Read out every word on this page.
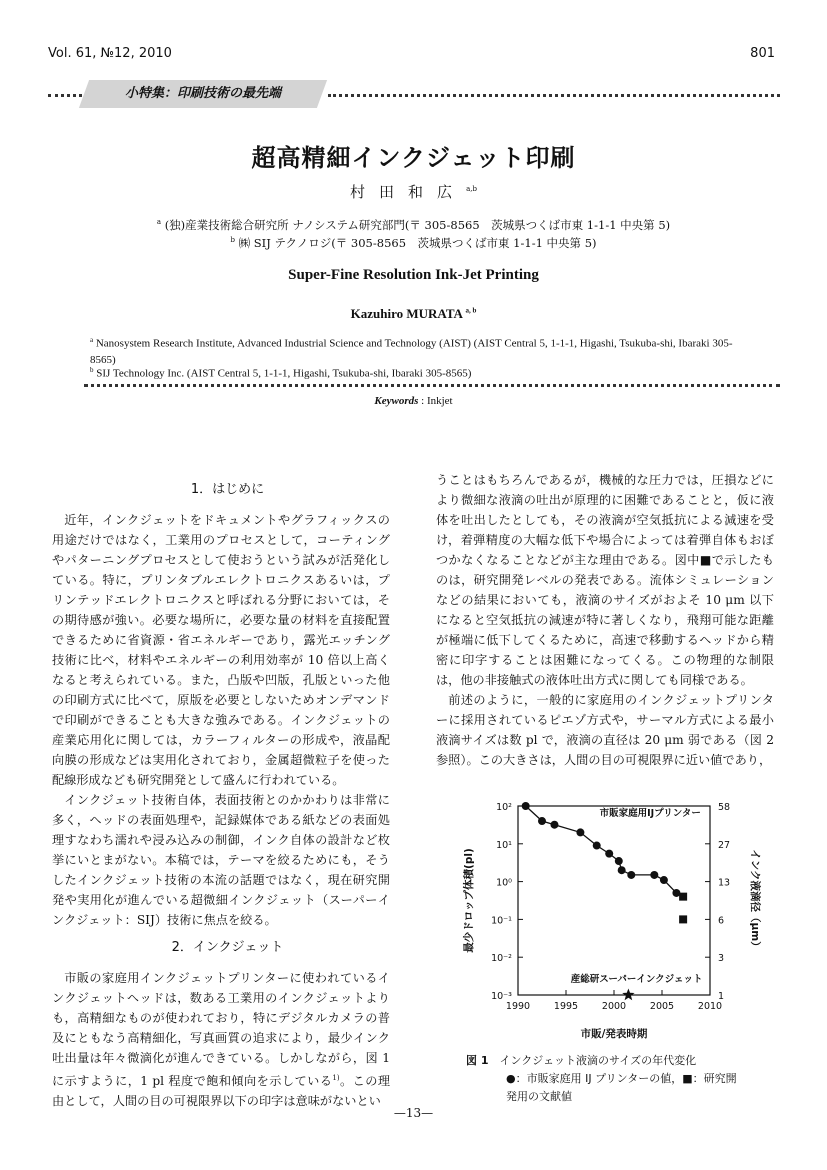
Vol. 61, №12, 2010	801
小特集：印刷技術の最先端
超高精細インクジェット印刷
村田和広$^{a,b}$
$^a$ (独)産業技術総合研究所 ナノシステム研究部門(〒 305-8565　茨城県つくば市東 1-1-1 中央第 5)
$^b$ ㈱ SIJ テクノロジ(〒 305-8565　茨城県つくば市東 1-1-1 中央第 5)
Super-Fine Resolution Ink-Jet Printing
Kazuhiro MURATA $^{a, b}$
$^a$ Nanosystem Research Institute, Advanced Industrial Science and Technology (AIST) (AIST Central 5, 1-1-1, Higashi, Tsukuba-shi, Ibaraki 305-8565)
$^b$ SIJ Technology Inc. (AIST Central 5, 1-1-1, Higashi, Tsukuba-shi, Ibaraki 305-8565)
Keywords : Inkjet

1．はじめに

近年，インクジェットをドキュメントやグラフィックスの用途だけではなく，工業用のプロセスとして，コーティングやパターニングプロセスとして使おうという試みが活発化している。特に，プリンタブルエレクトロニクスあるいは，プリンテッドエレクトロニクスと呼ばれる分野においては，その期待感が強い。必要な場所に，必要な量の材料を直接配置できるために省資源・省エネルギーであり，露光エッチング技術に比べ，材料やエネルギーの利用効率が 10 倍以上高くなると考えられている。また，凸版や凹版，孔版といった他の印刷方式に比べて，原版を必要としないためオンデマンドで印刷ができることも大きな強みである。インクジェットの産業応用化に関しては，カラーフィルターの形成や，液晶配向膜の形成などは実用化されており，金属超微粒子を使った配線形成なども研究開発として盛んに行われている。

インクジェット技術自体，表面技術とのかかわりは非常に多く，ヘッドの表面処理や，記録媒体である紙などの表面処理すなわち濡れや浸み込みの制御，インク自体の設計など枚挙にいとまがない。本稿では，テーマを絞るためにも，そうしたインクジェット技術の本流の話題ではなく，現在研究開発や実用化が進んでいる超微細インクジェット（スーパーインクジェット：SIJ）技術に焦点を絞る。

2．インクジェット

市販の家庭用インクジェットプリンターに使われているインクジェットヘッドは，数ある工業用のインクジェットよりも，高精細なものが使われており，特にデジタルカメラの普及にともなう高精細化，写真画質の追求により，最少インク吐出量は年々微滴化が進んできている。しかしながら，図 1 に示すように，1 pl 程度で飽和傾向を示している$^{1)}$。この理由として，人間の目の可視限界以下の印字は意味がないとい

うことはもちろんであるが，機械的な圧力では，圧損などにより微細な液滴の吐出が原理的に困難であることと，仮に液体を吐出したとしても，その液滴が空気抵抗による減速を受け，着弾精度の大幅な低下や場合によっては着弾自体もおぼつかなくなることなどが主な理由である。図中■で示したものは，研究開発レベルの発表である。流体シミュレーションなどの結果においても，液滴のサイズがおよそ 10 μm 以下になると空気抵抗の減速が特に著しくなり，飛翔可能な距離が極端に低下してくるために，高速で移動するヘッドから精密に印字することは困難になってくる。この物理的な制限は，他の非接触式の液体吐出方式に関しても同様である。

前述のように，一般的に家庭用のインクジェットプリンターに採用されているピエゾ方式や，サーマル方式による最小液滴サイズは数 pl で，液滴の直径は 20 μm 弱である（図 2 参照）。この大きさは，人間の目の可視限界に近い値であり，

1990	1995	2000	2005	2010
10⁻³	1
10⁻²	3
10⁻¹	6
10⁰	13
10¹	27
10²	58
市販/発表時期
最少ドロップ体積(pl)	インク液滴径（μm）
市販家庭用IJプリンター
産総研スーパーインクジェット
図 1　 インクジェット液滴のサイズの年代変化
●：市販家庭用 IJ プリンターの値，■：研究開
発用の文献値
—13—
